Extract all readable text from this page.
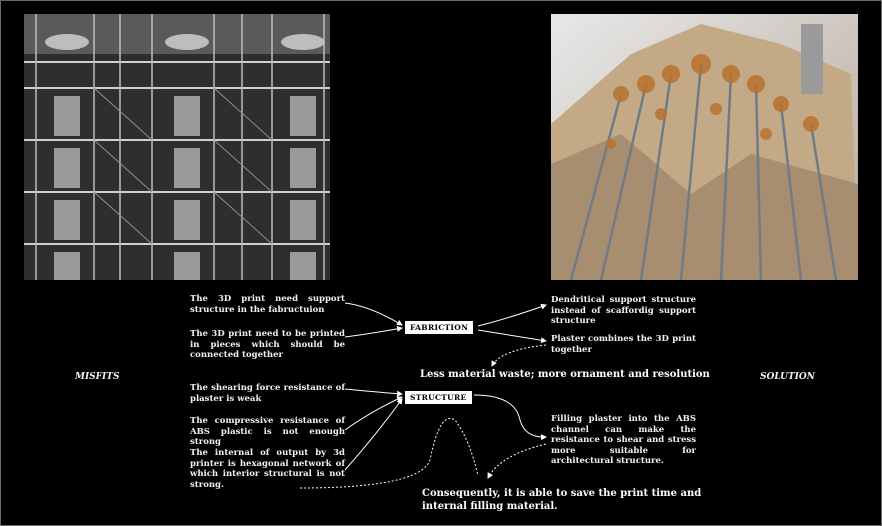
MISFITS	SOLUTION
The 3D print need support structure in the fabructuion
The 3D print need to be printed in pieces which should be connected together
The shearing force resistance of plaster is weak
The compressive resistance of ABS plastic is not enough strong
The internal of output by 3d printer is hexagonal network of which interior structural is not strong.
FABRICTION
STRUCTURE
Dendritical support structure instead of scaffordig support structure
Plaster combines the 3D print together
Filling plaster into the ABS channel can make the resistance to shear and stress more suitable for architectural structure.
Less material waste; more ornament and resolution
Consequently, it is able to save the print time and internal filling material.
